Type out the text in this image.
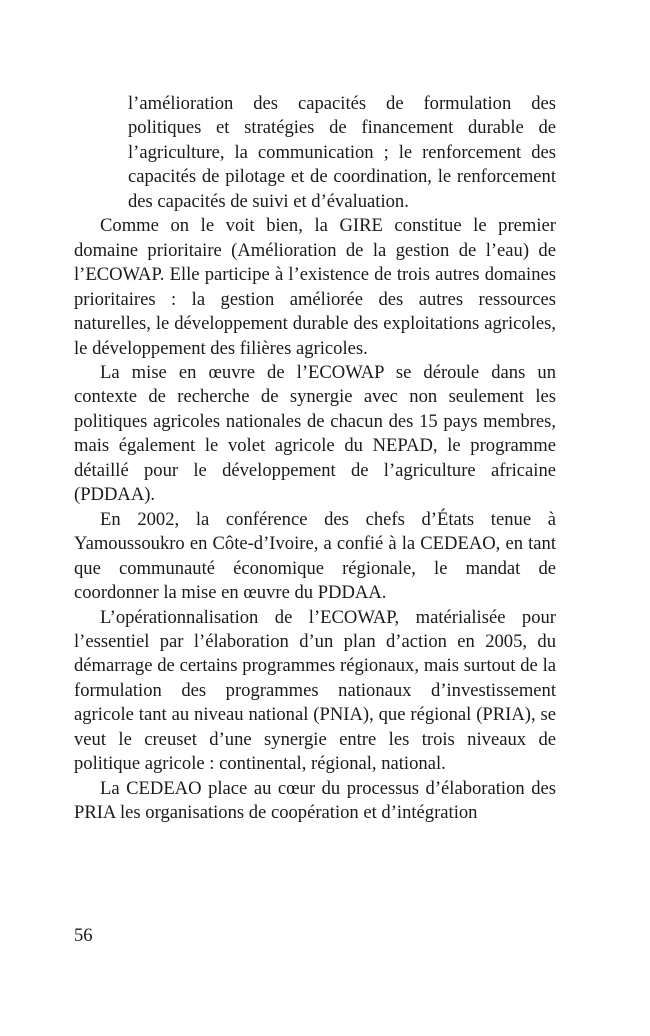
l’amélioration des capacités de formulation des politiques et stratégies de financement durable de l’agriculture, la communication ; le renforcement des capacités de pilotage et de coordination, le renforcement des capacités de suivi et d’évaluation.

Comme on le voit bien, la GIRE constitue le premier domaine prioritaire (Amélioration de la gestion de l’eau) de l’ECOWAP. Elle participe à l’existence de trois autres domaines prioritaires : la gestion améliorée des autres ressources naturelles, le développement durable des exploitations agricoles, le développement des filières agricoles.

La mise en œuvre de l’ECOWAP se déroule dans un contexte de recherche de synergie avec non seulement les politiques agricoles nationales de chacun des 15 pays membres, mais également le volet agricole du NEPAD, le programme détaillé pour le développement de l’agriculture africaine (PDDAA).

En 2002, la conférence des chefs d’États tenue à Yamoussoukro en Côte-d’Ivoire, a confié à la CEDEAO, en tant que communauté économique régionale, le mandat de coordonner la mise en œuvre du PDDAA.

L’opérationnalisation de l’ECOWAP, matérialisée pour l’essentiel par l’élaboration d’un plan d’action en 2005, du démarrage de certains programmes régionaux, mais surtout de la formulation des programmes nationaux d’investissement agricole tant au niveau national (PNIA), que régional (PRIA), se veut le creuset d’une synergie entre les trois niveaux de politique agricole : continental, régional, national.

La CEDEAO place au cœur du processus d’élaboration des PRIA les organisations de coopération et d’intégration

56
